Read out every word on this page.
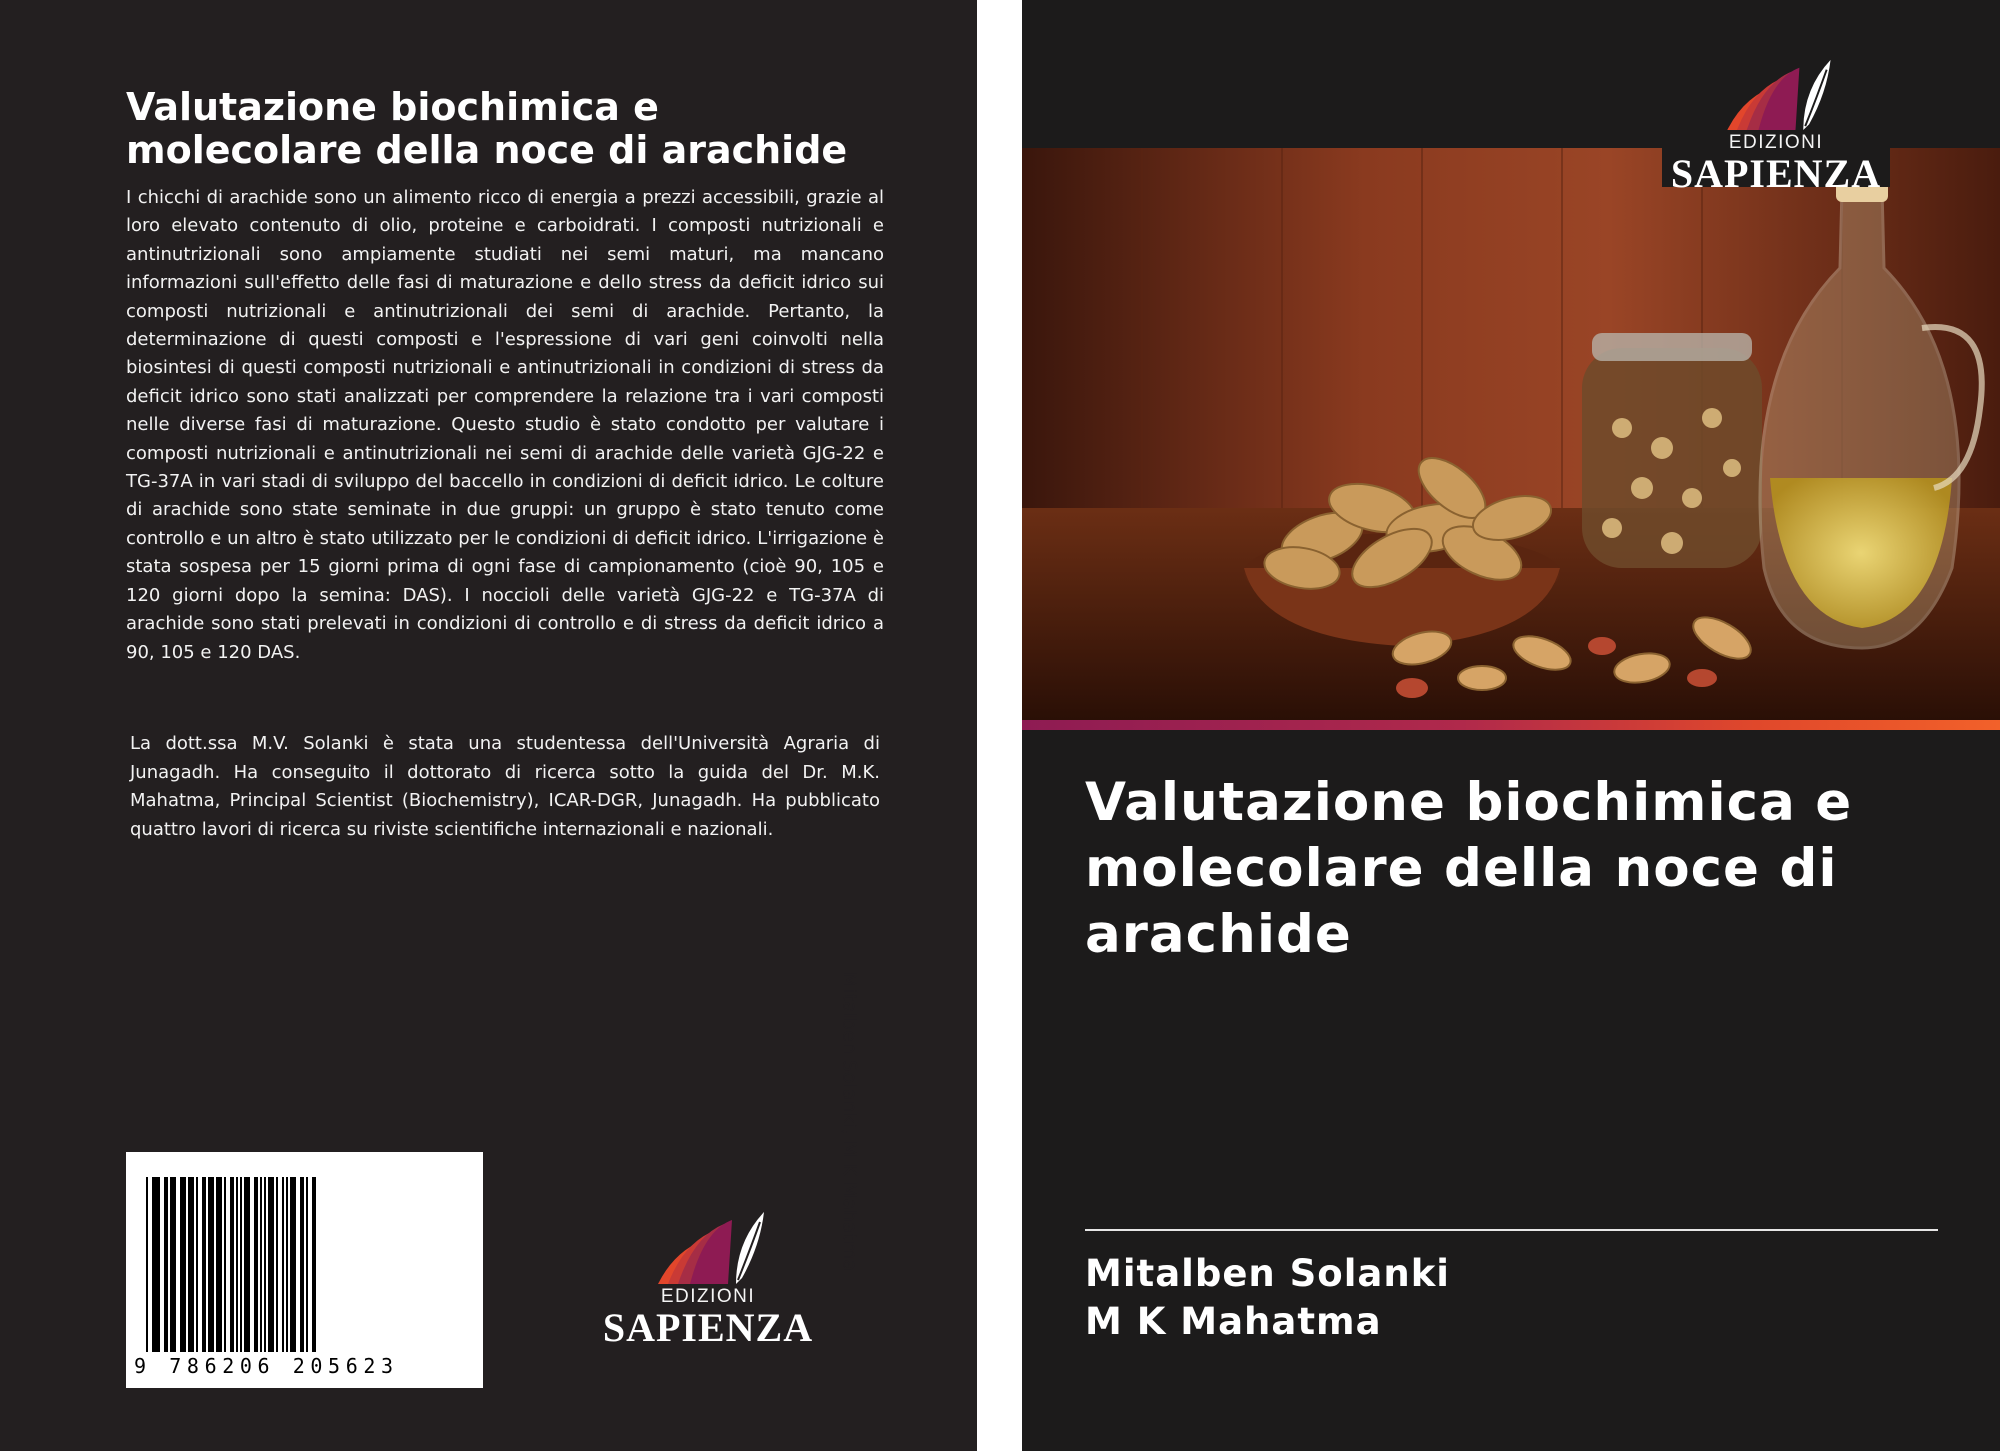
Valutazione biochimica e molecolare della noce di arachide

I chicchi di arachide sono un alimento ricco di energia a prezzi accessibili, grazie al loro elevato contenuto di olio, proteine e carboidrati. I composti nutrizionali e antinutrizionali sono ampiamente studiati nei semi maturi, ma mancano informazioni sull'effetto delle fasi di maturazione e dello stress da deficit idrico sui composti nutrizionali e antinutrizionali dei semi di arachide. Pertanto, la determinazione di questi composti e l'espressione di vari geni coinvolti nella biosintesi di questi composti nutrizionali e antinutrizionali in condizioni di stress da deficit idrico sono stati analizzati per comprendere la relazione tra i vari composti nelle diverse fasi di maturazione. Questo studio è stato condotto per valutare i composti nutrizionali e antinutrizionali nei semi di arachide delle varietà GJG-22 e TG-37A in vari stadi di sviluppo del baccello in condizioni di deficit idrico. Le colture di arachide sono state seminate in due gruppi: un gruppo è stato tenuto come controllo e un altro è stato utilizzato per le condizioni di deficit idrico. L'irrigazione è stata sospesa per 15 giorni prima di ogni fase di campionamento (cioè 90, 105 e 120 giorni dopo la semina: DAS). I noccioli delle varietà GJG-22 e TG-37A di arachide sono stati prelevati in condizioni di controllo e di stress da deficit idrico a 90, 105 e 120 DAS.

La dott.ssa M.V. Solanki è stata una studentessa dell'Università Agraria di Junagadh. Ha conseguito il dottorato di ricerca sotto la guida del Dr. M.K. Mahatma, Principal Scientist (Biochemistry), ICAR-DGR, Junagadh. Ha pubblicato quattro lavori di ricerca su riviste scientifiche internazionali e nazionali.

9 786206 205623
EDIZIONI
SAPIENZA
Mitalben Solanki, M K Mahatma
EDIZIONI
SAPIENZA
Valutazione biochimica e molecolare della noce di arachide
Mitalben Solanki
M K Mahatma
